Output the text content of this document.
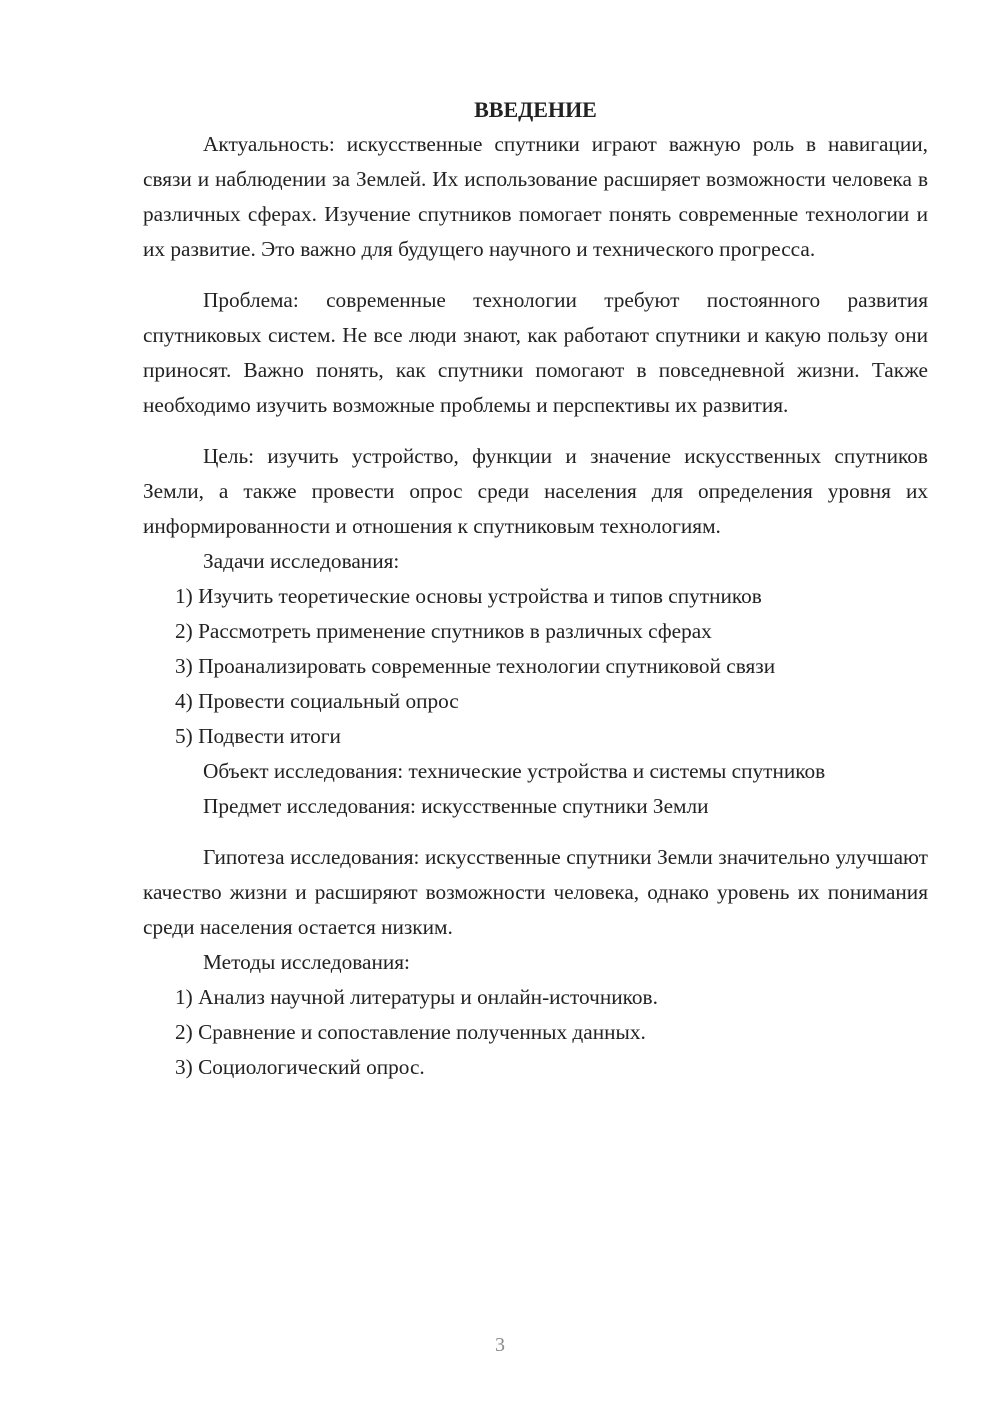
ВВЕДЕНИЕ

Актуальность: искусственные спутники играют важную роль в навигации, связи и наблюдении за Землей. Их использование расширяет возможности человека в различных сферах. Изучение спутников помогает понять современные технологии и их развитие. Это важно для будущего научного и технического прогресса.

Проблема: современные технологии требуют постоянного развития спутниковых систем. Не все люди знают, как работают спутники и какую пользу они приносят. Важно понять, как спутники помогают в повседневной жизни. Также необходимо изучить возможные проблемы и перспективы их развития.

Цель: изучить устройство, функции и значение искусственных спутников Земли, а также провести опрос среди населения для определения уровня их информированности и отношения к спутниковым технологиям.

Задачи исследования:

1) Изучить теоретические основы устройства и типов спутников

2) Рассмотреть применение спутников в различных сферах

3) Проанализировать современные технологии спутниковой связи

4) Провести социальный опрос

5) Подвести итоги

Объект исследования: технические устройства и системы спутников

Предмет исследования: искусственные спутники Земли

Гипотеза исследования: искусственные спутники Земли значительно улучшают качество жизни и расширяют возможности человека, однако уровень их понимания среди населения остается низким.

Методы исследования:

1) Анализ научной литературы и онлайн-источников.

2) Сравнение и сопоставление полученных данных.

3) Социологический опрос.

3
